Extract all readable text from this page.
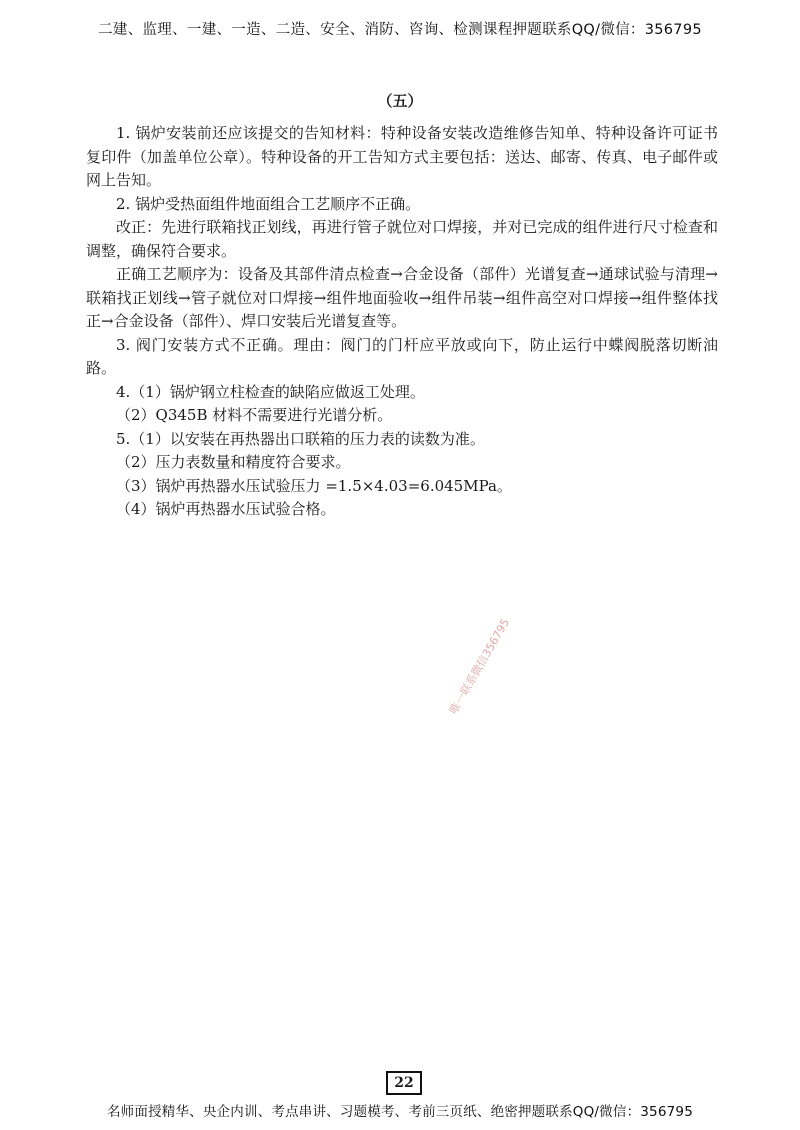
二建、监理、一建、一造、二造、安全、消防、咨询、检测课程押题联系QQ/微信：356795
（五）

1. 锅炉安装前还应该提交的告知材料：特种设备安装改造维修告知单、特种设备许可证书复印件（加盖单位公章）。特种设备的开工告知方式主要包括：送达、邮寄、传真、电子邮件或网上告知。

2. 锅炉受热面组件地面组合工艺顺序不正确。

改正：先进行联箱找正划线，再进行管子就位对口焊接，并对已完成的组件进行尺寸检查和调整，确保符合要求。

正确工艺顺序为：设备及其部件清点检查→合金设备（部件）光谱复查→通球试验与清理→联箱找正划线→管子就位对口焊接→组件地面验收→组件吊装→组件高空对口焊接→组件整体找正→合金设备（部件）、焊口安装后光谱复查等。

3. 阀门安装方式不正确。理由：阀门的门杆应平放或向下，防止运行中蝶阀脱落切断油路。

4.（1）锅炉钢立柱检查的缺陷应做返工处理。

（2）Q345B 材料不需要进行光谱分析。

5.（1）以安装在再热器出口联箱的压力表的读数为准。

（2）压力表数量和精度符合要求。

（3）锅炉再热器水压试验压力 =1.5×4.03=6.045MPa。

（4）锅炉再热器水压试验合格。

唯一联系微信356795
22
名师面授精华、央企内训、考点串讲、习题模考、考前三页纸、绝密押题联系QQ/微信：356795
